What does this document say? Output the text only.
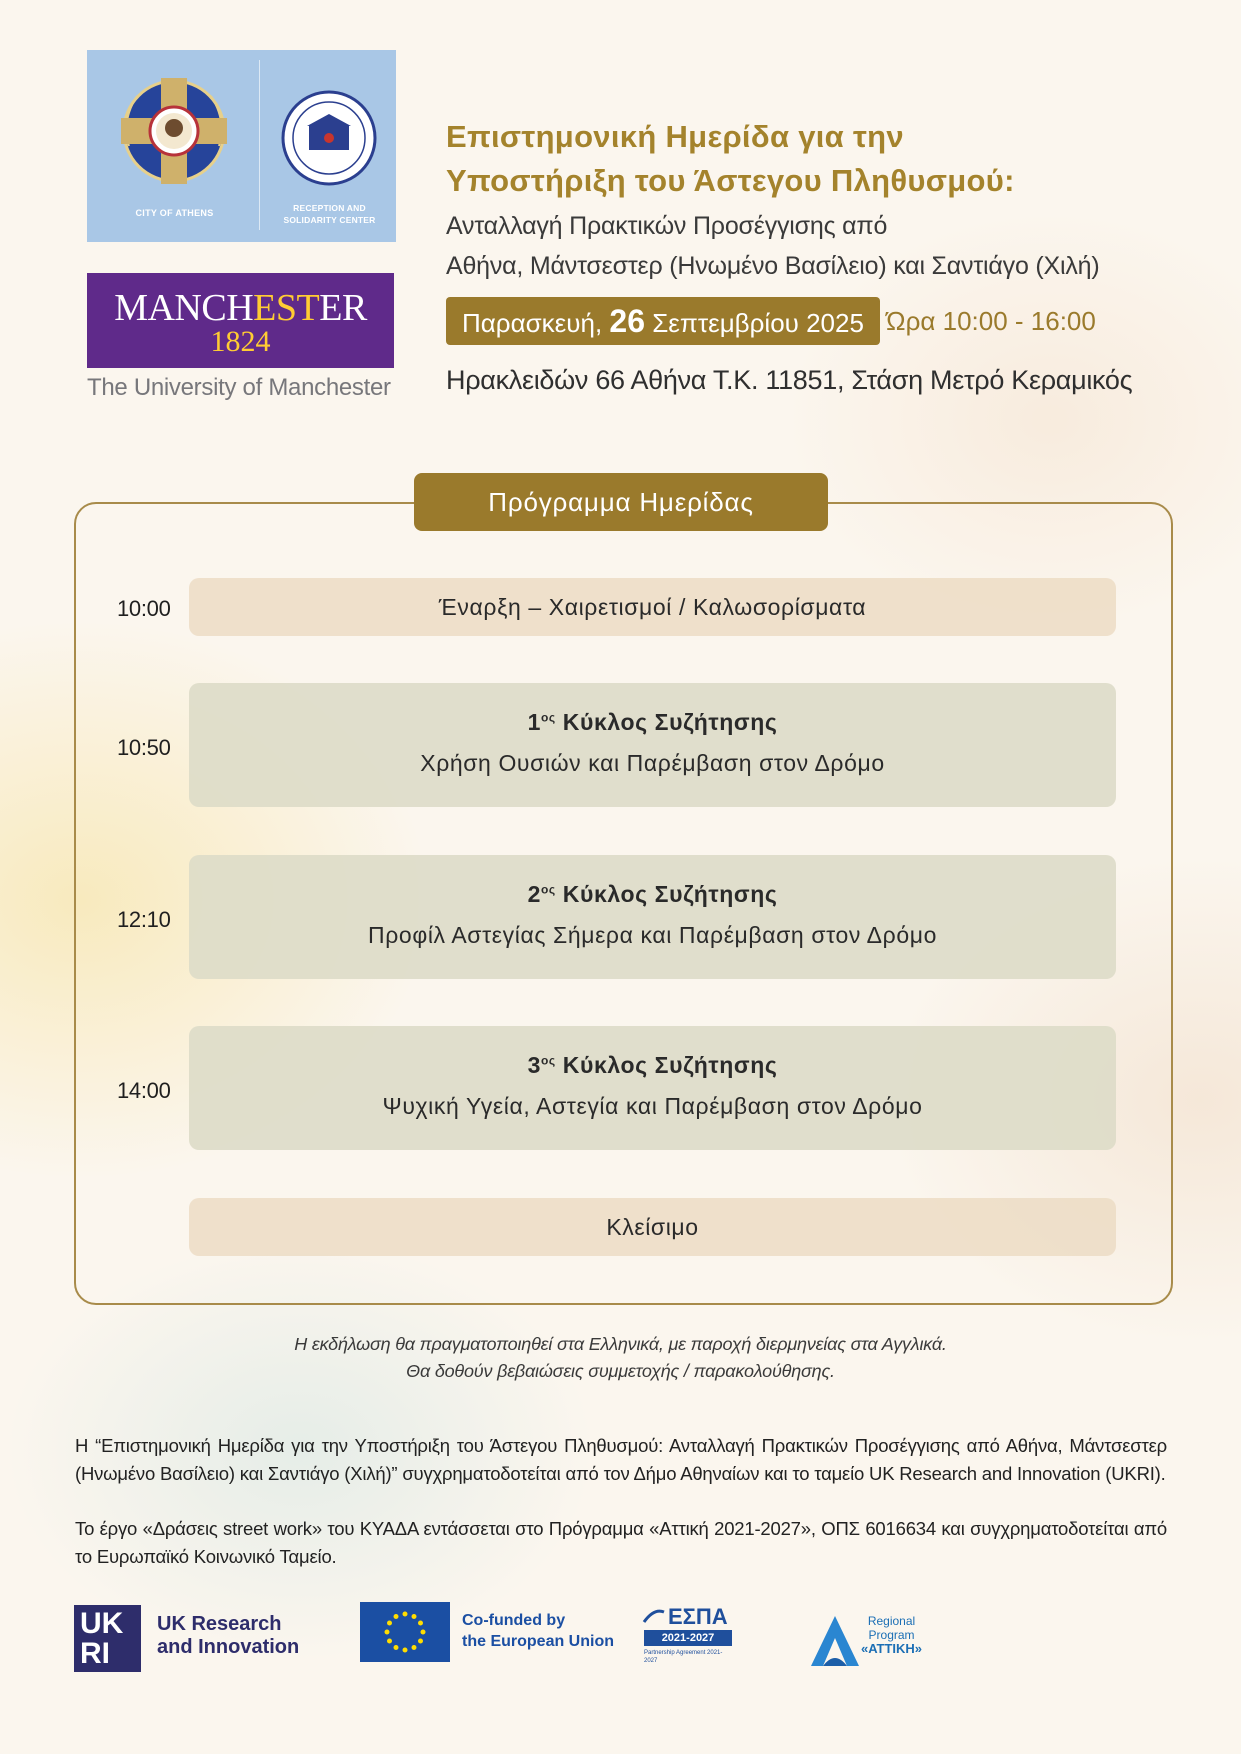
CITY OF ATHENS	RECEPTION AND
SOLIDARITY CENTER
MANCHESTER
1824
The University of Manchester
Επιστημονική Ημερίδα για την
Υποστήριξη του Άστεγου Πληθυσμού:
Ανταλλαγή Πρακτικών Προσέγγισης από
Αθήνα, Μάντσεστερ (Ηνωμένο Βασίλειο) και Σαντιάγο (Χιλή)
Παρασκευή, 26 Σεπτεμβρίου 2025 Ώρα 10:00 - 16:00
Ηρακλειδών 66 Αθήνα Τ.Κ. 11851, Στάση Μετρό Κεραμικός
Πρόγραμμα Ημερίδας
10:00	Έναρξη – Χαιρετισμοί / Καλωσορίσματα
10:50
$1^{o\varsigma}$ Κύκλος Συζήτησης
Χρήση Ουσιών και Παρέμβαση στον Δρόμο
12:10
$2^{o\varsigma}$ Κύκλος Συζήτησης
Προφίλ Αστεγίας Σήμερα και Παρέμβαση στον Δρόμο
14:00
$3^{o\varsigma}$ Κύκλος Συζήτησης
Ψυχική Υγεία, Αστεγία και Παρέμβαση στον Δρόμο
Κλείσιμο
Η εκδήλωση θα πραγματοποιηθεί στα Ελληνικά, με παροχή διερμηνείας στα Αγγλικά.
Θα δοθούν βεβαιώσεις συμμετοχής / παρακολούθησης.
Η “Επιστημονική Ημερίδα για την Υποστήριξη του Άστεγου Πληθυσμού: Ανταλλαγή Πρακτικών Προσέγγισης από Αθήνα, Μάντσεστερ (Ηνωμένο Βασίλειο) και Σαντιάγο (Χιλή)” συγχρηματοδοτείται από τον Δήμο Αθηναίων και το ταμείο UK Research and Innovation (UKRI).
Το έργο «Δράσεις street work» του ΚΥΑΔΑ εντάσσεται στο Πρόγραμμα «Αττική 2021-2027», ΟΠΣ 6016634 και συγχρηματοδοτείται από το Ευρωπαϊκό Κοινωνικό Ταμείο.
UK
RI
UK Research
and Innovation
Co-funded by
the European Union
ΕΣΠΑ
2021-2027
Partnership Agreement 2021-2027
Regional
Program
«ΑΤΤΙΚΗ»
